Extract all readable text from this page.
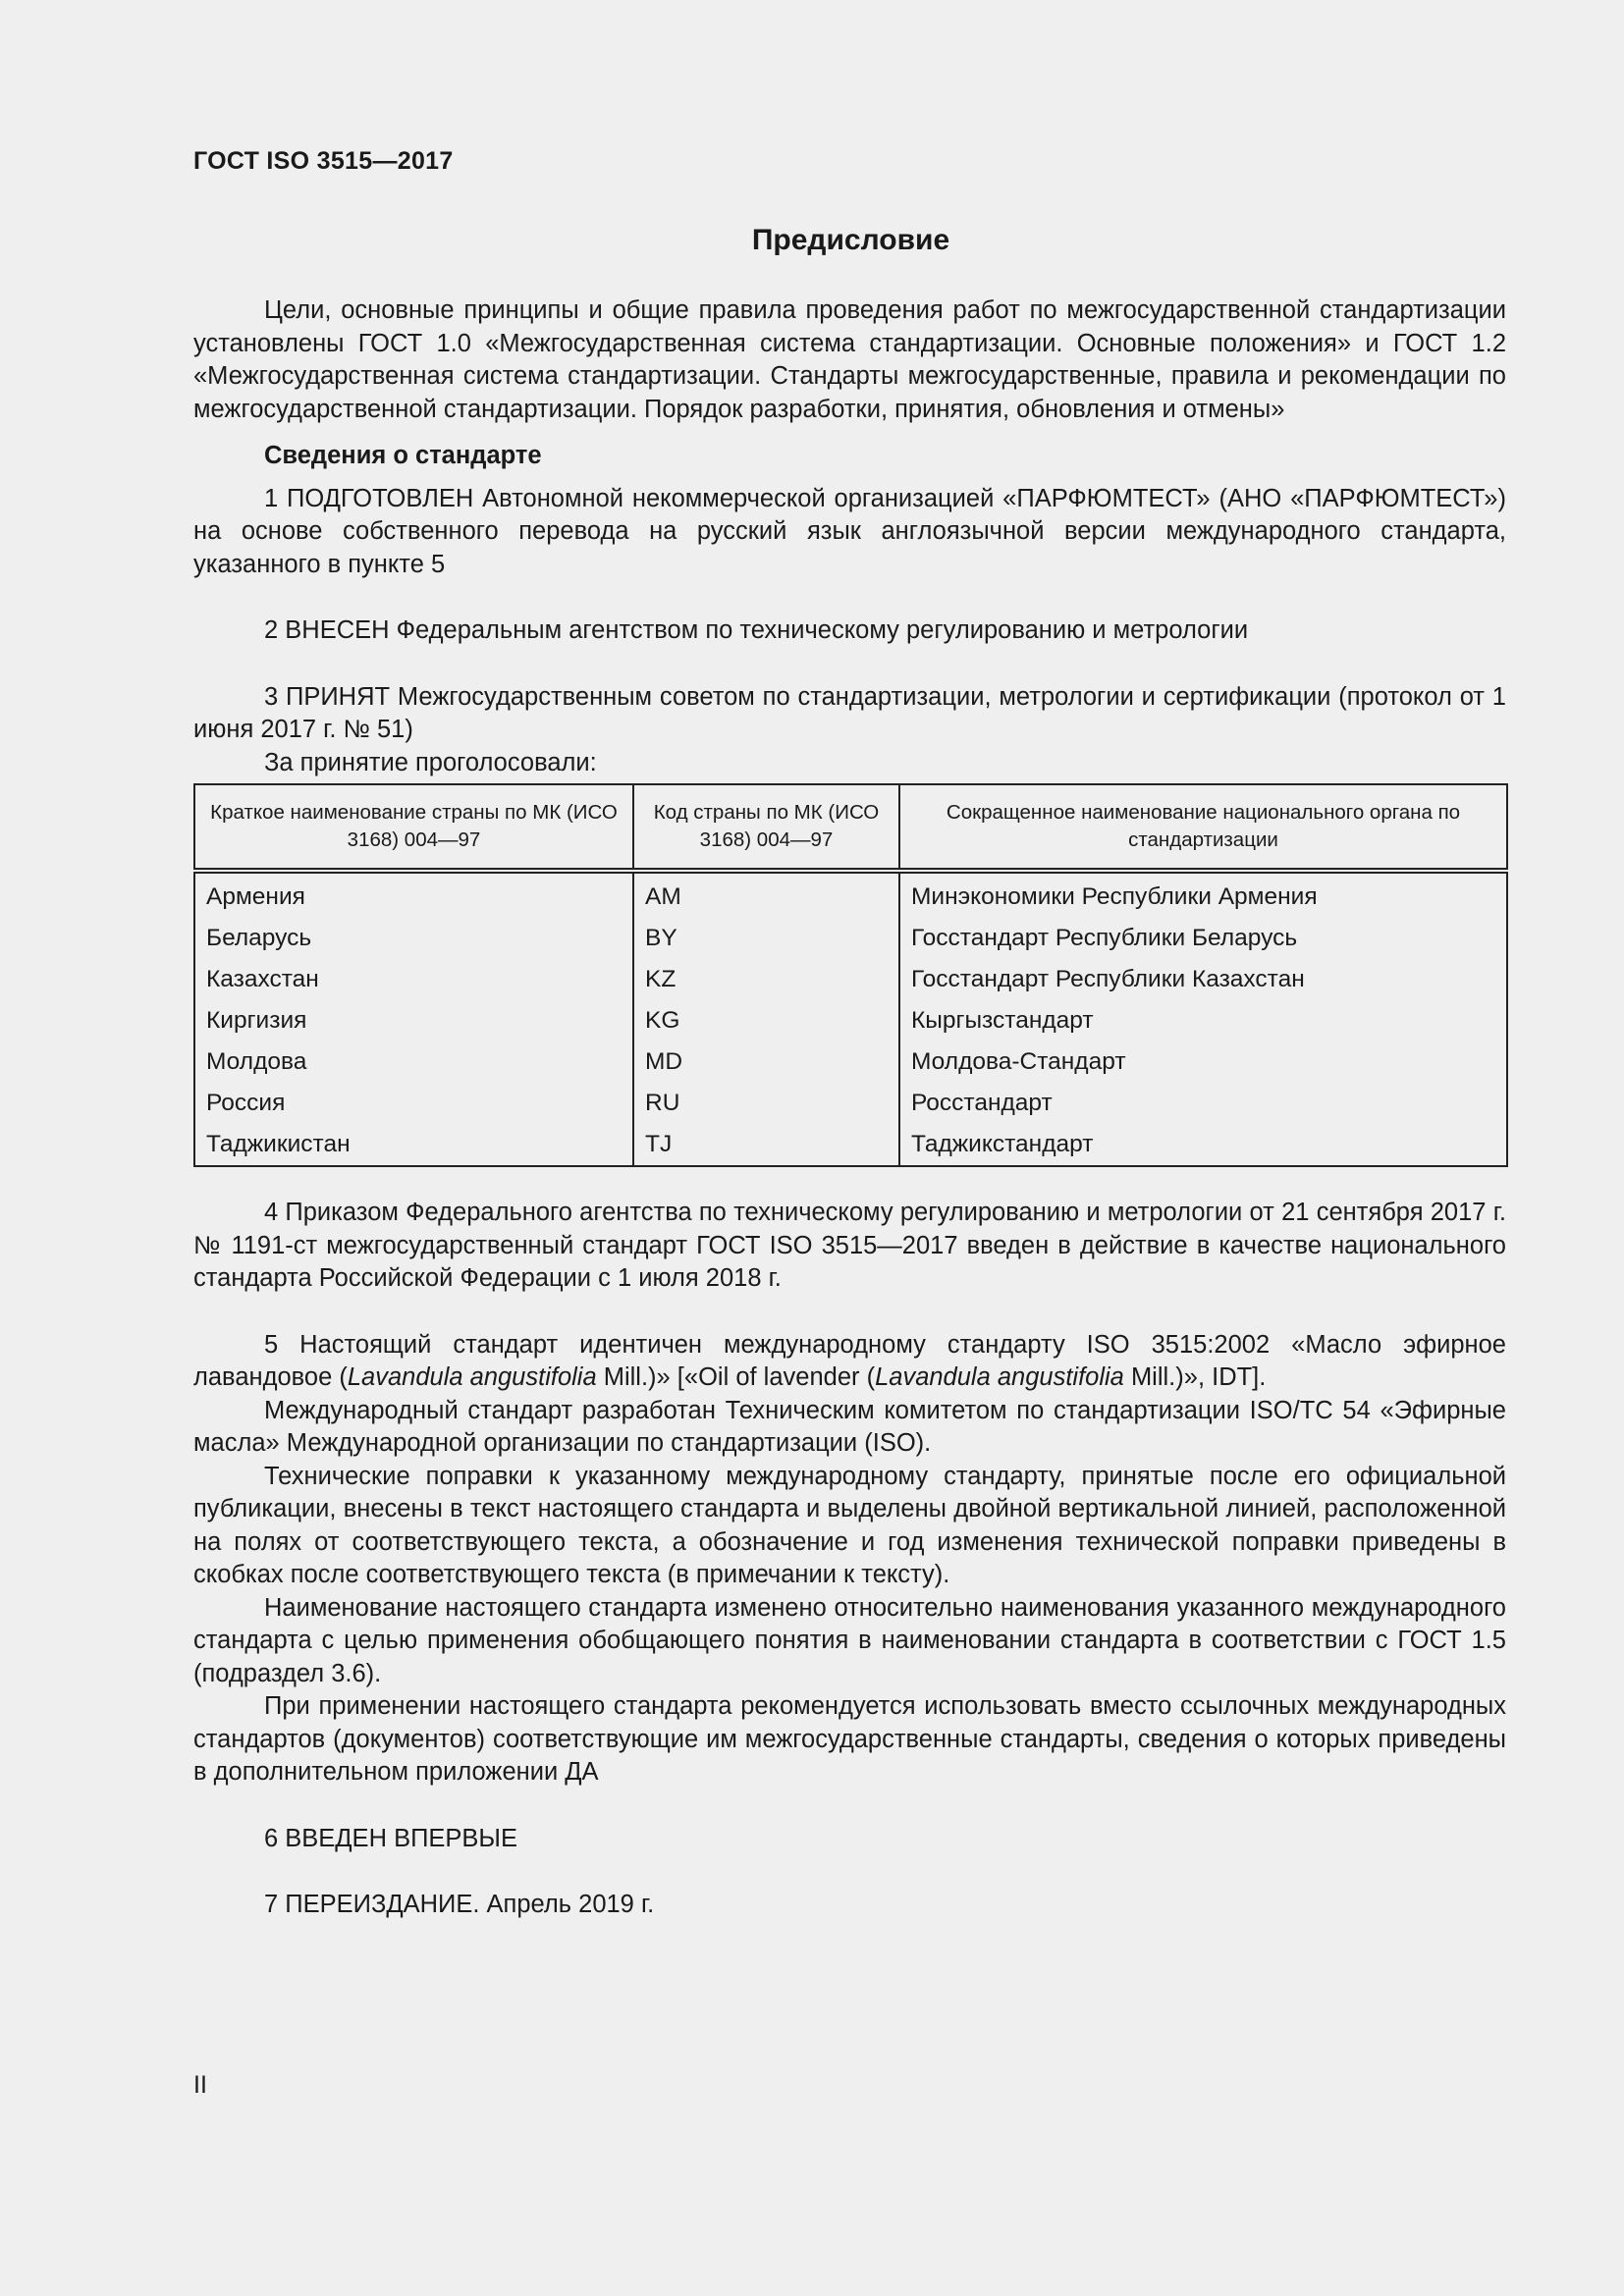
ГОСТ ISO 3515—2017
Предисловие

Цели, основные принципы и общие правила проведения работ по межгосударственной стандартизации установлены ГОСТ 1.0 «Межгосударственная система стандартизации. Основные положения» и ГОСТ 1.2 «Межгосударственная система стандартизации. Стандарты межгосударственные, правила и рекомендации по межгосударственной стандартизации. Порядок разработки, принятия, обновления и отмены»

Сведения о стандарте

1 ПОДГОТОВЛЕН Автономной некоммерческой организацией «ПАРФЮМТЕСТ» (АНО «ПАРФЮМТЕСТ») на основе собственного перевода на русский язык англоязычной версии международного стандарта, указанного в пункте 5

2 ВНЕСЕН Федеральным агентством по техническому регулированию и метрологии

3 ПРИНЯТ Межгосударственным советом по стандартизации, метрологии и сертификации (протокол от 1 июня 2017 г. № 51)

За принятие проголосовали:

Краткое наименование страны по МК (ИСО 3168) 004—97	Код страны по МК (ИСО 3168) 004—97	Сокращенное наименование национального органа по стандартизации
Армения	AM	Минэкономики Республики Армения
Беларусь	BY	Госстандарт Республики Беларусь
Казахстан	KZ	Госстандарт Республики Казахстан
Киргизия	KG	Кыргызстандарт
Молдова	MD	Молдова-Стандарт
Россия	RU	Росстандарт
Таджикистан	TJ	Таджикстандарт

4 Приказом Федерального агентства по техническому регулированию и метрологии от 21 сентября 2017 г. № 1191-ст межгосударственный стандарт ГОСТ ISO 3515—2017 введен в действие в качестве национального стандарта Российской Федерации с 1 июля 2018 г.

5 Настоящий стандарт идентичен международному стандарту ISO 3515:2002 «Масло эфирное лавандовое (Lavandula angustifolia Mill.)» [«Oil of lavender (Lavandula angustifolia Mill.)», IDT].

Международный стандарт разработан Техническим комитетом по стандартизации ISO/TC 54 «Эфирные масла» Международной организации по стандартизации (ISO).

Технические поправки к указанному международному стандарту, принятые после его официальной публикации, внесены в текст настоящего стандарта и выделены двойной вертикальной линией, расположенной на полях от соответствующего текста, а обозначение и год изменения технической поправки приведены в скобках после соответствующего текста (в примечании к тексту).

Наименование настоящего стандарта изменено относительно наименования указанного международного стандарта с целью применения обобщающего понятия в наименовании стандарта в соответствии с ГОСТ 1.5 (подраздел 3.6).

При применении настоящего стандарта рекомендуется использовать вместо ссылочных международных стандартов (документов) соответствующие им межгосударственные стандарты, сведения о которых приведены в дополнительном приложении ДА

6 ВВЕДЕН ВПЕРВЫЕ

7 ПЕРЕИЗДАНИЕ. Апрель 2019 г.

II
